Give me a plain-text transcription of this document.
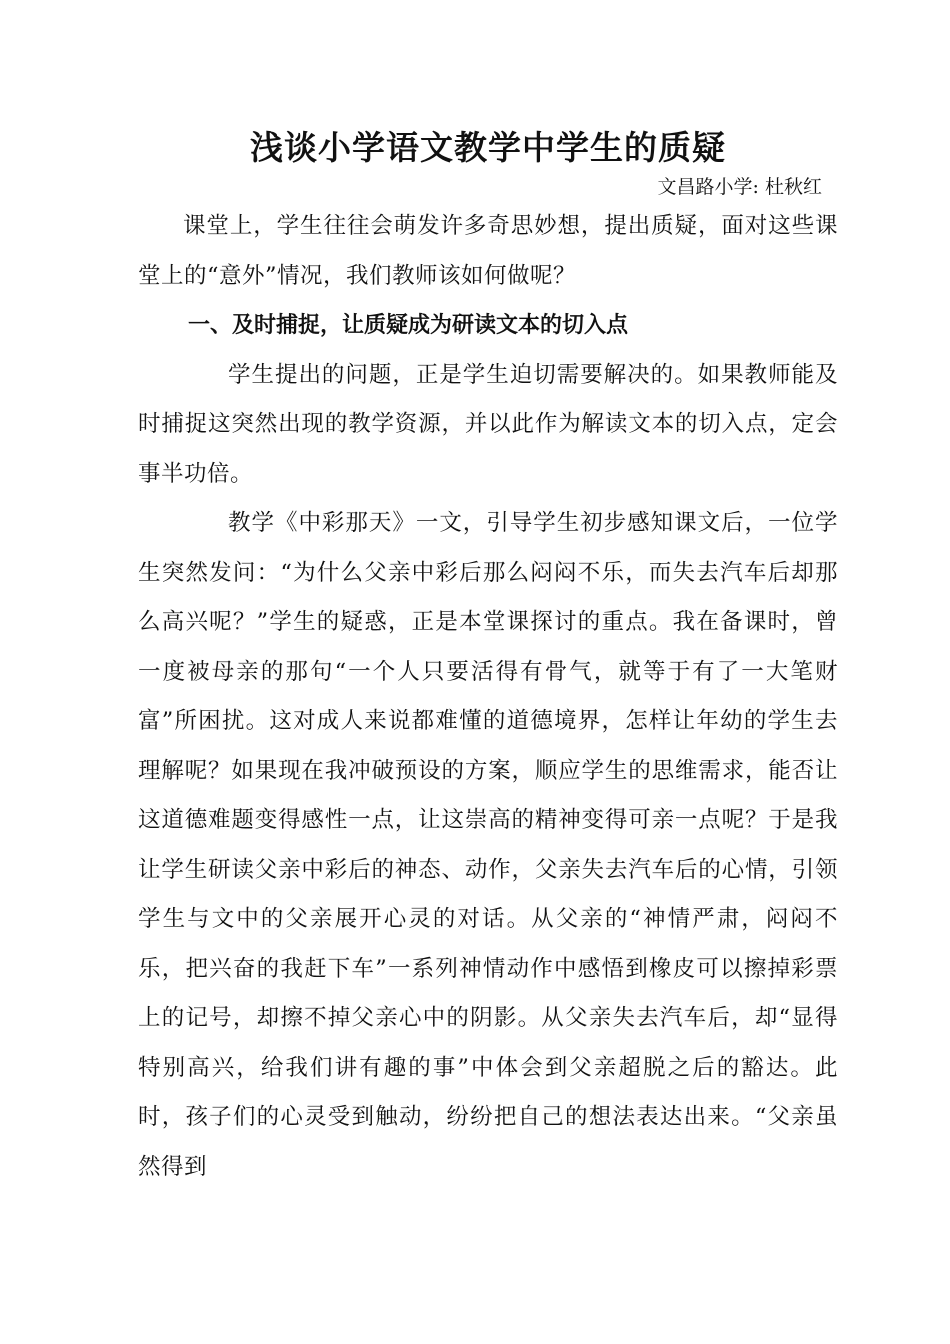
浅谈小学语文教学中学生的质疑

文昌路小学: 杜秋红

课堂上，学生往往会萌发许多奇思妙想，提出质疑，面对这些课堂上的“意外”情况，我们教师该如何做呢？

一、及时捕捉，让质疑成为研读文本的切入点

学生提出的问题，正是学生迫切需要解决的。如果教师能及时捕捉这突然出现的教学资源，并以此作为解读文本的切入点，定会事半功倍。

教学《中彩那天》一文，引导学生初步感知课文后，一位学生突然发问：“为什么父亲中彩后那么闷闷不乐，而失去汽车后却那么高兴呢？”学生的疑惑，正是本堂课探讨的重点。我在备课时，曾一度被母亲的那句“一个人只要活得有骨气，就等于有了一大笔财富”所困扰。这对成人来说都难懂的道德境界，怎样让年幼的学生去理解呢？如果现在我冲破预设的方案，顺应学生的思维需求，能否让这道德难题变得感性一点，让这崇高的精神变得可亲一点呢？于是我让学生研读父亲中彩后的神态、动作，父亲失去汽车后的心情，引领学生与文中的父亲展开心灵的对话。从父亲的“神情严肃，闷闷不乐，把兴奋的我赶下车”一系列神情动作中感悟到橡皮可以擦掉彩票上的记号，却擦不掉父亲心中的阴影。从父亲失去汽车后，却“显得特别高兴，给我们讲有趣的事”中体会到父亲超脱之后的豁达。此时，孩子们的心灵受到触动，纷纷把自己的想法表达出来。“父亲虽然得到
